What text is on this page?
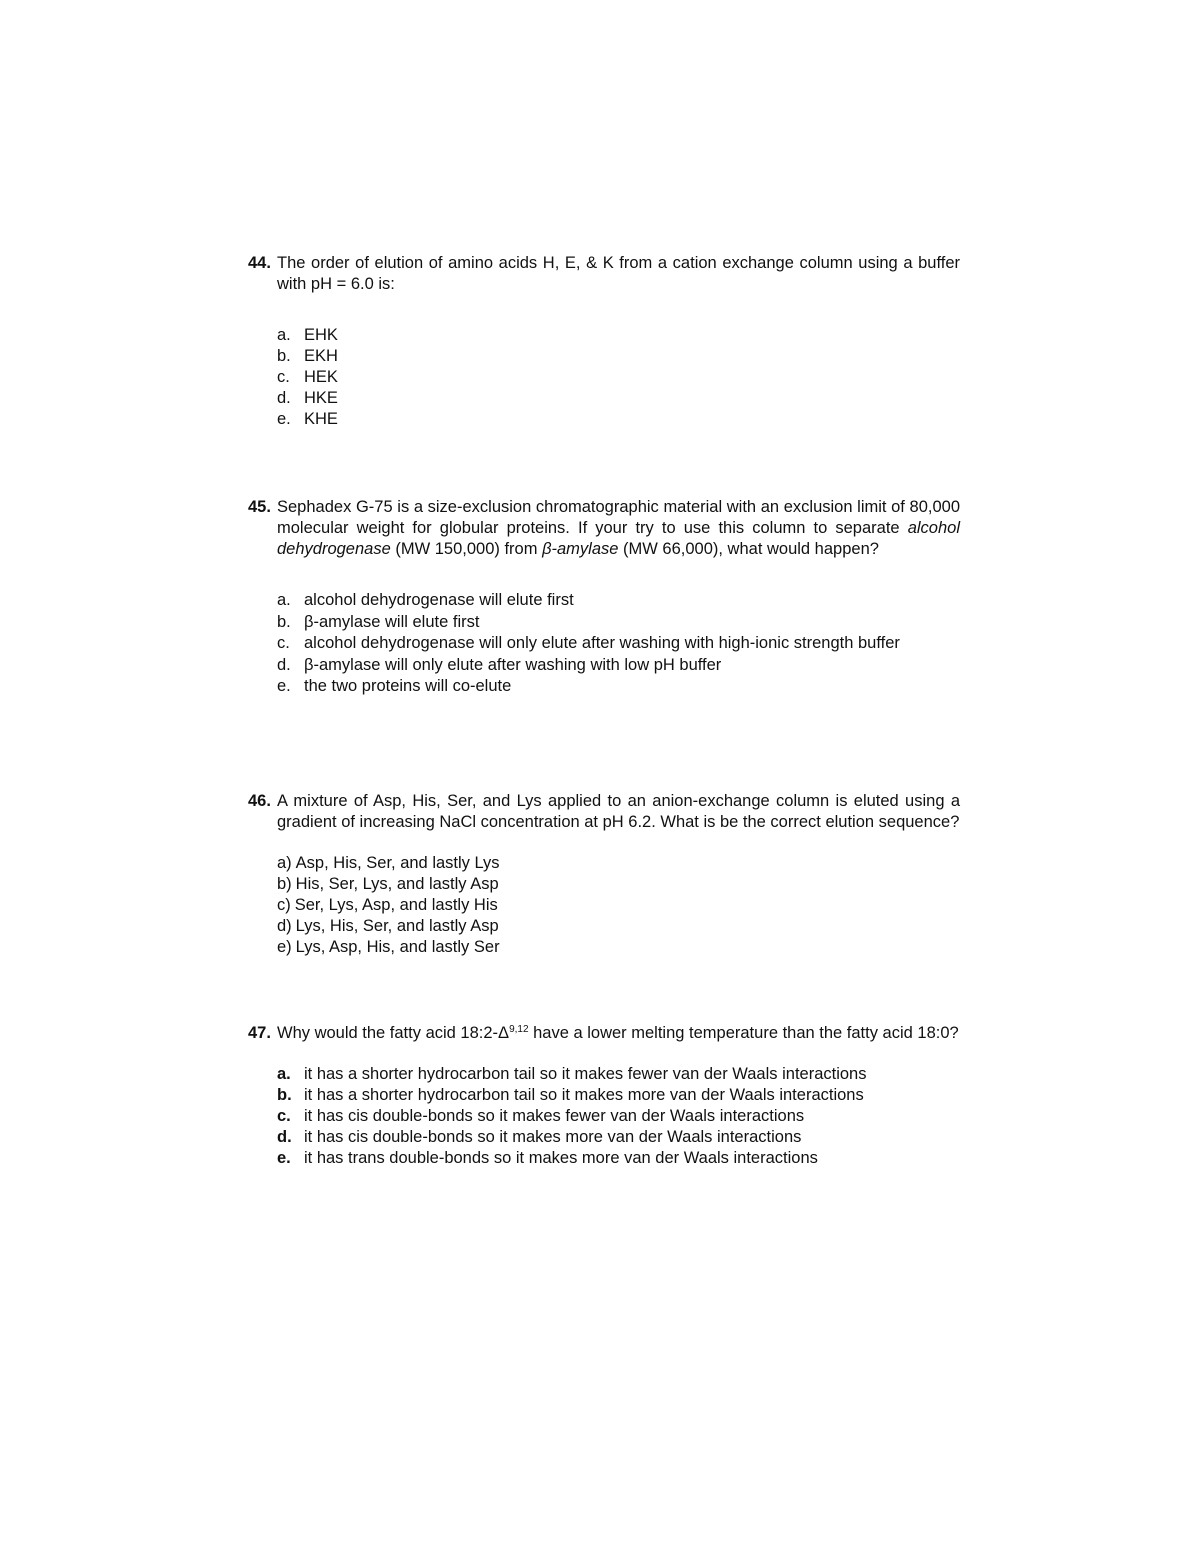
44. The order of elution of amino acids H, E, & K from a cation exchange column using a buffer with pH = 6.0 is:
a. EHK
b. EKH
c. HEK
d. HKE
e. KHE
45. Sephadex G-75 is a size-exclusion chromatographic material with an exclusion limit of 80,000 molecular weight for globular proteins. If your try to use this column to separate alcohol dehydrogenase (MW 150,000) from β-amylase (MW 66,000), what would happen?
a. alcohol dehydrogenase will elute first
b. β-amylase will elute first
c. alcohol dehydrogenase will only elute after washing with high-ionic strength buffer
d. β-amylase will only elute after washing with low pH buffer
e. the two proteins will co-elute
46. A mixture of Asp, His, Ser, and Lys applied to an anion-exchange column is eluted using a gradient of increasing NaCl concentration at pH 6.2. What is be the correct elution sequence?
a) Asp, His, Ser, and lastly Lys
b) His, Ser, Lys, and lastly Asp
c) Ser, Lys, Asp, and lastly His
d) Lys, His, Ser, and lastly Asp
e) Lys, Asp, His, and lastly Ser
47. Why would the fatty acid $18:2-\Delta^{9,12}$ have a lower melting temperature than the fatty acid 18:0?
a. it has a shorter hydrocarbon tail so it makes fewer van der Waals interactions
b. it has a shorter hydrocarbon tail so it makes more van der Waals interactions
c. it has cis double-bonds so it makes fewer van der Waals interactions
d. it has cis double-bonds so it makes more van der Waals interactions
e. it has trans double-bonds so it makes more van der Waals interactions
